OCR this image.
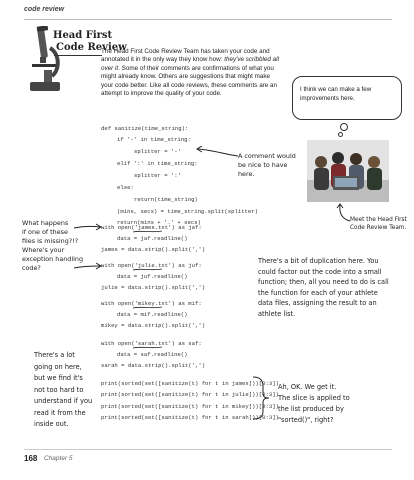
code review
Head First
Code Review
The Head First Code Review Team has taken your code and annotated it in the only way they know how: they've scribbled all over it. Some of their comments are confirmations of what you might already know. Others are suggestions that might make your code better. Like all code reviews, these comments are an attempt to improve the quality of your code.
I think we can make a few improvements here.
Meet the Head First Code Review Team.
def sanitize(time_string):
if '-' in time_string:
splitter = '-'
elif ':' in time_string:
splitter = ':'
else:
return(time_string)
(mins, secs) = time_string.split(splitter)
return(mins + '.' + secs)
A comment would
be nice to have
here.
with open('james.txt') as jaf:
data = jaf.readline()
james = data.strip().split(',')
with open('julie.txt') as juf:
data = juf.readline()
julie = data.strip().split(',')
with open('mikey.txt') as mif:
data = mif.readline()
mikey = data.strip().split(',')
with open('sarah.txt') as saf:
data = saf.readline()
sarah = data.strip().split(',')
What happens
if one of these
files is missing?!?
Where's your
exception handling
code?
There's a bit of duplication here. You
could factor out the code into a small
function; then, all you need to do is call
the function for each of your athlete
data files, assigning the result to an
athlete list.
print(sorted(set([sanitize(t) for t in james]))[0:3])
print(sorted(set([sanitize(t) for t in julie]))[0:3])
print(sorted(set([sanitize(t) for t in mikey]))[0:3])
print(sorted(set([sanitize(t) for t in sarah]))[0:3])
There's a lot
going on here,
but we find it's
not too hard to
understand if you
read it from the
inside out.
Ah, OK. We get it.
The slice is applied to
the list produced by
"sorted()", right?
168 Chapter 5
